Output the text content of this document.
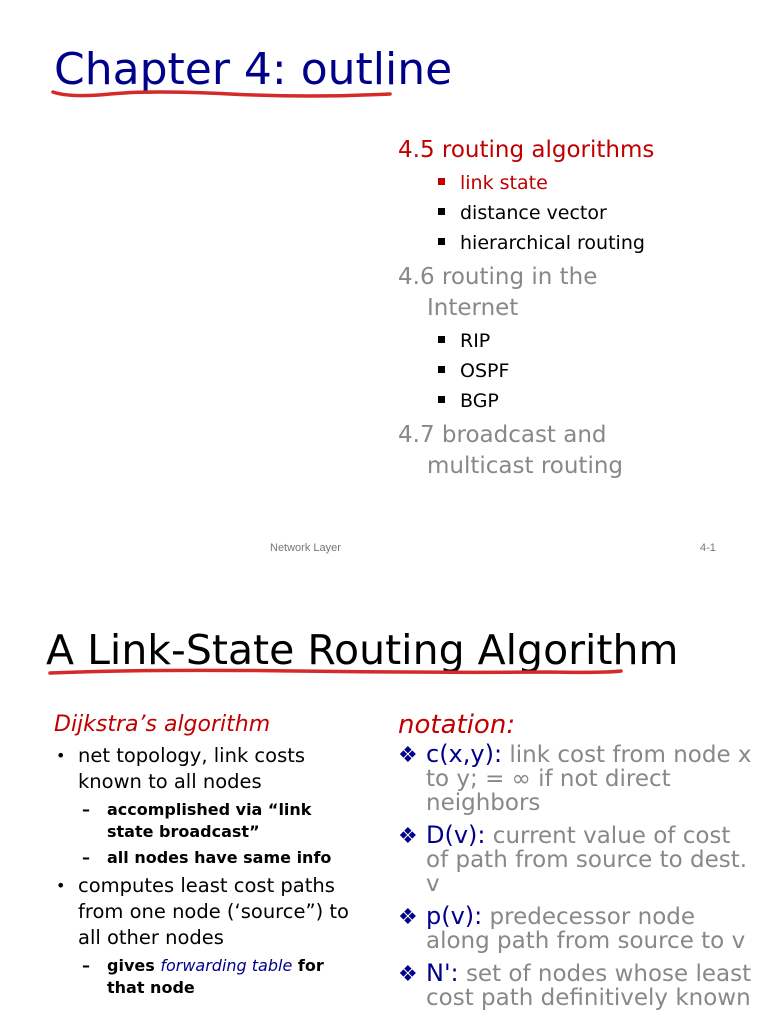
Chapter 4: outline
4.5 routing algorithms
link state
distance vector
hierarchical routing
4.6 routing in the
Internet
RIP
OSPF
BGP
4.7 broadcast and
multicast routing
Network Layer	4-1
A Link-State Routing Algorithm
Dijkstra’s algorithm
• net topology, link costs known to all nodes
– accomplished via “link state broadcast”
– all nodes have same info
• computes least cost paths from one node (‘source”) to all other nodes
– gives forwarding table for that node
notation:
❖ c(x,y): link cost from node x to y; = ∞ if not direct neighbors
❖ D(v): current value of cost of path from source to dest. v
❖ p(v): predecessor node along path from source to v
❖ N': set of nodes whose least cost path definitively known
